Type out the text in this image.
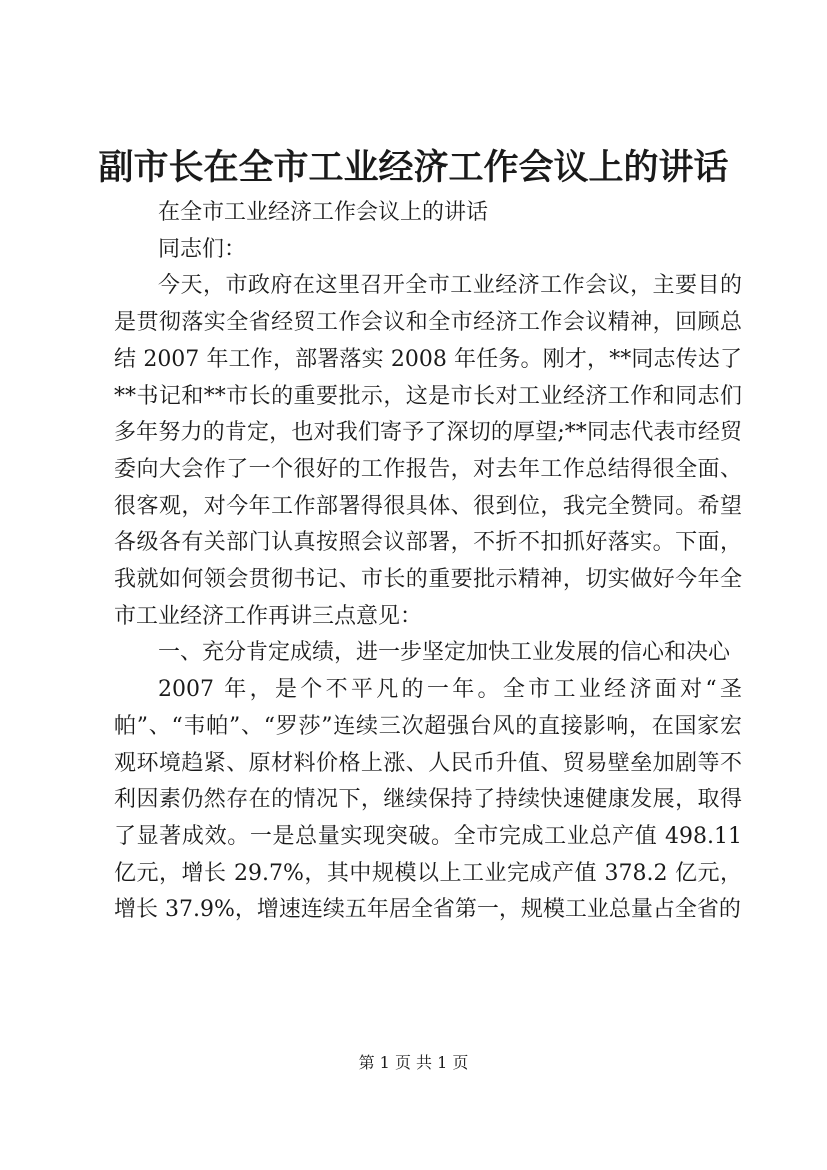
副市长在全市工业经济工作会议上的讲话

在全市工业经济工作会议上的讲话

同志们：

今天，市政府在这里召开全市工业经济工作会议，主要目的是贯彻落实全省经贸工作会议和全市经济工作会议精神，回顾总结 2007 年工作，部署落实 2008 年任务。刚才，**同志传达了**书记和**市长的重要批示，这是市长对工业经济工作和同志们多年努力的肯定，也对我们寄予了深切的厚望;**同志代表市经贸委向大会作了一个很好的工作报告，对去年工作总结得很全面、很客观，对今年工作部署得很具体、很到位，我完全赞同。希望各级各有关部门认真按照会议部署，不折不扣抓好落实。下面，我就如何领会贯彻书记、市长的重要批示精神，切实做好今年全市工业经济工作再讲三点意见：

一、充分肯定成绩，进一步坚定加快工业发展的信心和决心

2007 年，是个不平凡的一年。全市工业经济面对“圣帕”、“韦帕”、“罗莎”连续三次超强台风的直接影响，在国家宏观环境趋紧、原材料价格上涨、人民币升值、贸易壁垒加剧等不利因素仍然存在的情况下，继续保持了持续快速健康发展，取得了显著成效。一是总量实现突破。全市完成工业总产值 498.11 亿元，增长 29.7%，其中规模以上工业完成产值 378.2 亿元，增长 37.9%，增速连续五年居全省第一，规模工业总量占全省的

第 1 页 共 1 页
